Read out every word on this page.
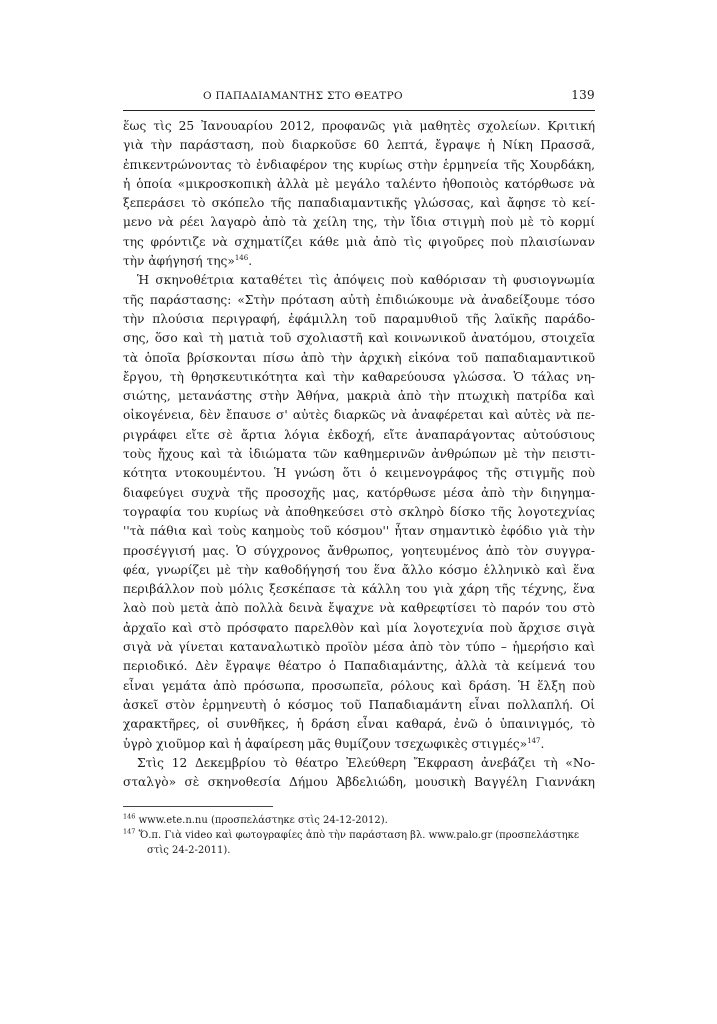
Ο ΠΑΠΑΔΙΑΜΑΝΤΗΣ ΣΤΟ ΘΕΑΤΡΟ	139
ἕως τὶς 25 Ἰανουαρίου 2012, προφανῶς γιὰ μαθητὲς σχολείων. Κριτική
γιὰ τὴν παράσταση, ποὺ διαρκοῦσε 60 λεπτά, ἔγραψε ἡ Νίκη Πρασσᾶ,
ἐπικεντρώνοντας τὸ ἐνδιαφέρον της κυρίως στὴν ἑρμηνεία τῆς Χουρδάκη,
ἡ ὁποία «μικροσκοπικὴ ἀλλὰ μὲ μεγάλο ταλέντο ἠθοποιὸς κατόρθωσε νὰ
ξεπεράσει τὸ σκόπελο τῆς παπαδιαμαντικῆς γλώσσας, καὶ ἄφησε τὸ κεί-
μενο νὰ ρέει λαγαρὸ ἀπὸ τὰ χείλη της, τὴν ἴδια στιγμὴ ποὺ μὲ τὸ κορμί
της φρόντιζε νὰ σχηματίζει κάθε μιὰ ἀπὸ τὶς φιγοῦρες ποὺ πλαισίωναν
τὴν ἀφήγησή της»$^{146}$.
Ἡ σκηνοθέτρια καταθέτει τὶς ἀπόψεις ποὺ καθόρισαν τὴ φυσιογνωμία
τῆς παράστασης: «Στὴν πρόταση αὐτὴ ἐπιδιώκουμε νὰ ἀναδείξουμε τόσο
τὴν πλούσια περιγραφή, ἐφάμιλλη τοῦ παραμυθιοῦ τῆς λαϊκῆς παράδο-
σης, ὅσο καὶ τὴ ματιὰ τοῦ σχολιαστῆ καὶ κοινωνικοῦ ἀνατόμου, στοιχεῖα
τὰ ὁποῖα βρίσκονται πίσω ἀπὸ τὴν ἀρχικὴ εἰκόνα τοῦ παπαδιαμαντικοῦ
ἔργου, τὴ θρησκευτικότητα καὶ τὴν καθαρεύουσα γλώσσα. Ὁ τάλας νη-
σιώτης, μετανάστης στὴν Ἀθήνα, μακριὰ ἀπὸ τὴν πτωχικὴ πατρίδα καὶ
οἰκογένεια, δὲν ἔπαυσε σ' αὐτὲς διαρκῶς νὰ ἀναφέρεται καὶ αὐτὲς νὰ πε-
ριγράφει εἴτε σὲ ἄρτια λόγια ἐκδοχή, εἴτε ἀναπαράγοντας αὐτούσιους
τοὺς ἤχους καὶ τὰ ἰδιώματα τῶν καθημερινῶν ἀνθρώπων μὲ τὴν πειστι-
κότητα ντοκουμέντου. Ἡ γνώση ὅτι ὁ κειμενογράφος τῆς στιγμῆς ποὺ
διαφεύγει συχνὰ τῆς προσοχῆς μας, κατόρθωσε μέσα ἀπὸ τὴν διηγημα-
τογραφία του κυρίως νὰ ἀποθηκεύσει στὸ σκληρὸ δίσκο τῆς λογοτεχνίας
''τὰ πάθια καὶ τοὺς καημοὺς τοῦ κόσμου'' ἦταν σημαντικὸ ἐφόδιο γιὰ τὴν
προσέγγισή μας. Ὁ σύγχρονος ἄνθρωπος, γοητευμένος ἀπὸ τὸν συγγρα-
φέα, γνωρίζει μὲ τὴν καθοδήγησή του ἕνα ἄλλο κόσμο ἑλληνικὸ καὶ ἕνα
περιβάλλον ποὺ μόλις ξεσκέπασε τὰ κάλλη του γιὰ χάρη τῆς τέχνης, ἕνα
λαὸ ποὺ μετὰ ἀπὸ πολλὰ δεινὰ ἔψαχνε νὰ καθρεφτίσει τὸ παρόν του στὸ
ἀρχαῖο καὶ στὸ πρόσφατο παρελθὸν καὶ μία λογοτεχνία ποὺ ἄρχισε σιγὰ
σιγὰ νὰ γίνεται καταναλωτικὸ προϊὸν μέσα ἀπὸ τὸν τύπο – ἡμερήσιο καὶ
περιοδικό. Δὲν ἔγραψε θέατρο ὁ Παπαδιαμάντης, ἀλλὰ τὰ κείμενά του
εἶναι γεμάτα ἀπὸ πρόσωπα, προσωπεῖα, ρόλους καὶ δράση. Ἡ ἕλξη ποὺ
ἀσκεῖ στὸν ἑρμηνευτὴ ὁ κόσμος τοῦ Παπαδιαμάντη εἶναι πολλαπλή. Οἱ
χαρακτῆρες, οἱ συνθῆκες, ἡ δράση εἶναι καθαρά, ἐνῶ ὁ ὑπαινιγμός, τὸ
ὑγρὸ χιοῦμορ καὶ ἡ ἀφαίρεση μᾶς θυμίζουν τσεχωφικὲς στιγμές»$^{147}$.
Στὶς 12 Δεκεμβρίου τὸ θέατρο Ἐλεύθερη Ἔκφραση ἀνεβάζει τὴ «Νο-
σταλγὸ» σὲ σκηνοθεσία Δήμου Ἀβδελιώδη, μουσικὴ Βαγγέλη Γιαννάκη
$^{146}$ www.ete.n.nu (προσπελάστηκε στὶς 24-12-2012).
$^{147}$ Ὅ.π. Γιὰ video καὶ φωτογραφίες ἀπὸ τὴν παράσταση βλ. www.palo.gr (προσπελάστηκε
στὶς 24-2-2011).
